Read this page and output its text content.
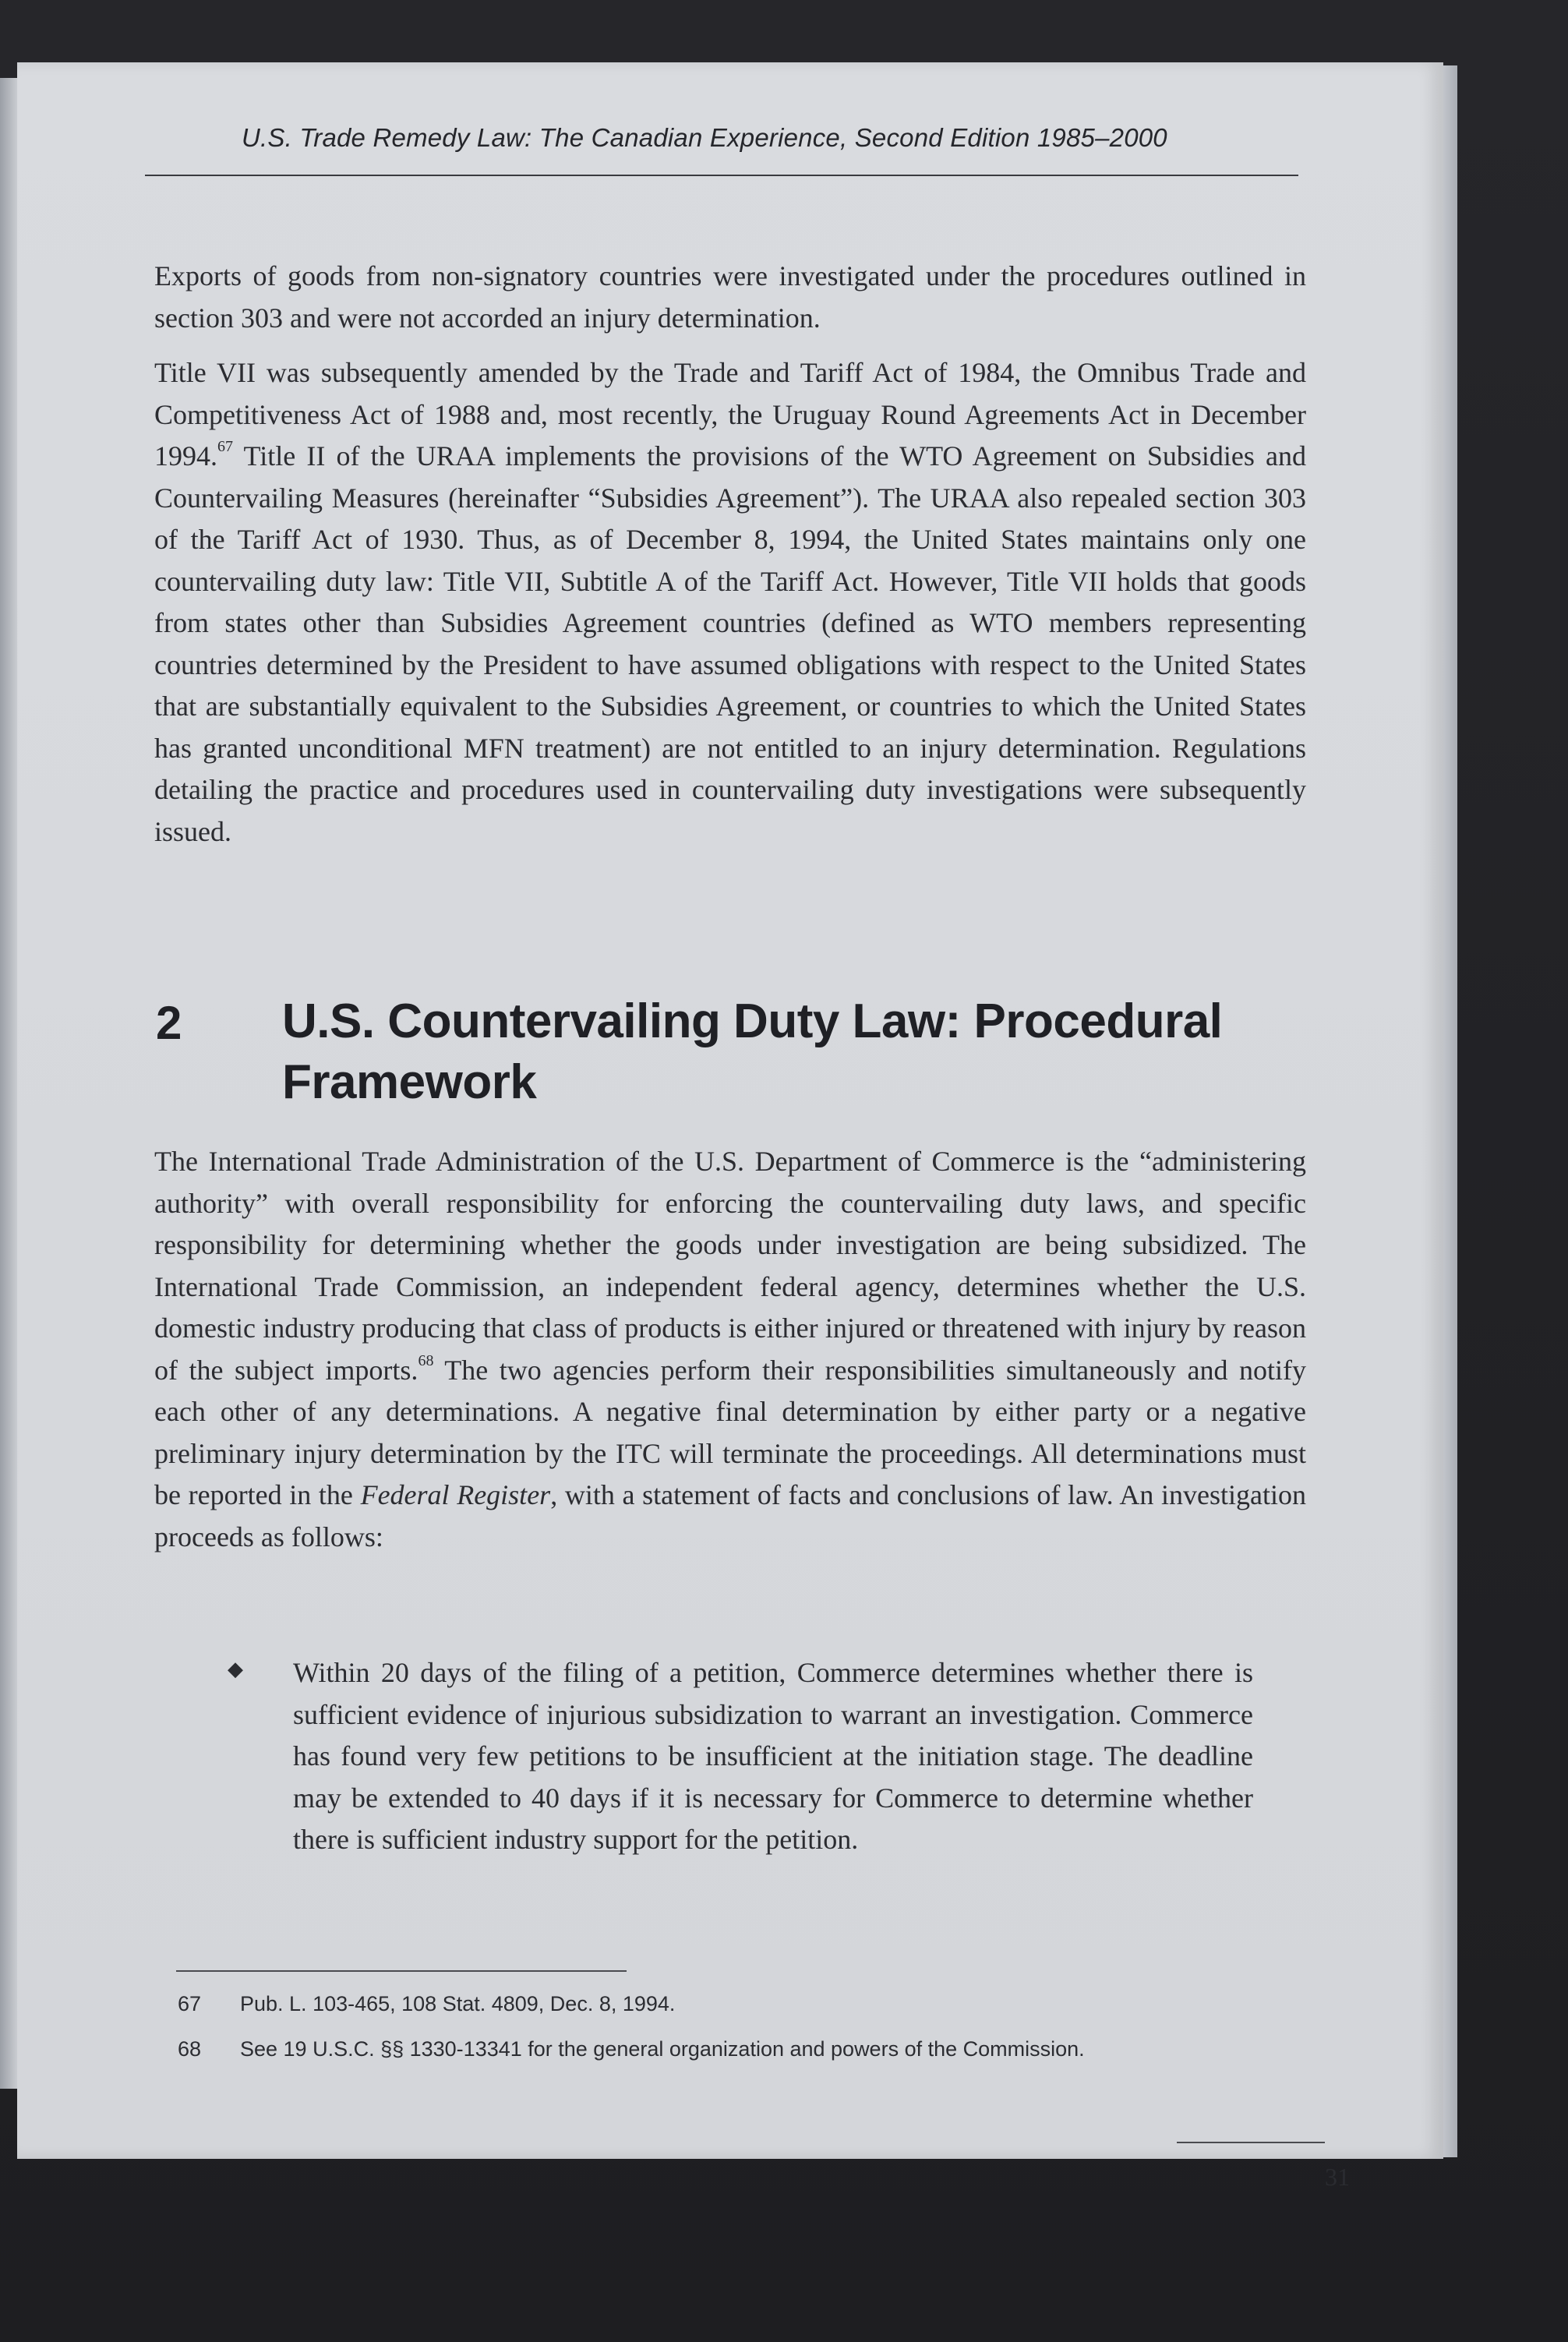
U.S. Trade Remedy Law: The Canadian Experience, Second Edition 1985–2000

Exports of goods from non-signatory countries were investigated under the procedures outlined in section 303 and were not accorded an injury determination.

Title VII was subsequently amended by the Trade and Tariff Act of 1984, the Omnibus Trade and Competitiveness Act of 1988 and, most recently, the Uruguay Round Agreements Act in December 1994.67 Title II of the URAA implements the provisions of the WTO Agreement on Subsidies and Countervailing Measures (hereinafter “Subsidies Agreement”). The URAA also repealed section 303 of the Tariff Act of 1930. Thus, as of December 8, 1994, the United States maintains only one countervailing duty law: Title VII, Subtitle A of the Tariff Act. However, Title VII holds that goods from states other than Subsidies Agreement countries (defined as WTO members representing countries determined by the President to have assumed obligations with respect to the United States that are substantially equivalent to the Subsidies Agreement, or countries to which the United States has granted unconditional MFN treatment) are not entitled to an injury determination. Regulations detailing the practice and procedures used in countervailing duty investigations were subsequently issued.

2 U.S. Countervailing Duty Law: Procedural Framework

The International Trade Administration of the U.S. Department of Commerce is the “administering authority” with overall responsibility for enforcing the countervailing duty laws, and specific responsibility for determining whether the goods under investigation are being subsidized. The International Trade Commission, an independent federal agency, determines whether the U.S. domestic industry producing that class of products is either injured or threatened with injury by reason of the subject imports.$^{68}$ The two agencies perform their responsibilities simultaneously and notify each other of any determinations. A negative final determination by either party or a negative preliminary injury determination by the ITC will terminate the proceedings. All determinations must be reported in the Federal Register, with a statement of facts and conclusions of law. An investigation proceeds as follows:

◆ Within 20 days of the filing of a petition, Commerce determines whether there is sufficient evidence of injurious subsidization to warrant an investigation. Commerce has found very few petitions to be insufficient at the initiation stage. The deadline may be extended to 40 days if it is necessary for Commerce to determine whether there is sufficient industry support for the petition.

67 Pub. L. 103-465, 108 Stat. 4809, Dec. 8, 1994.
68 See 19 U.S.C. §§ 1330-13341 for the general organization and powers of the Commission.
31
